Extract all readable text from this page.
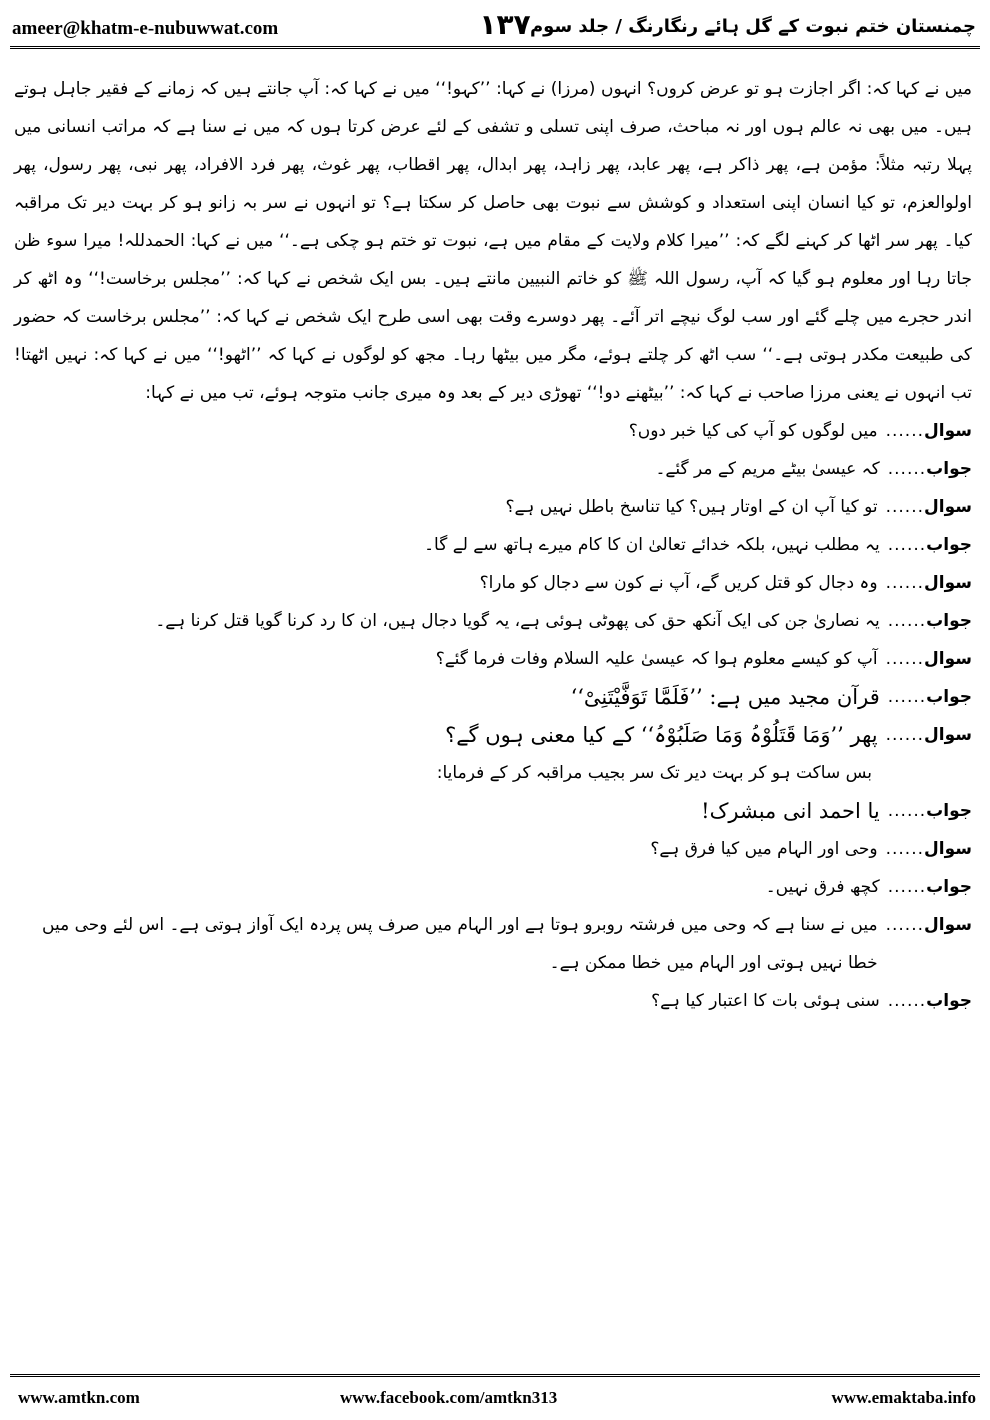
ameer@khatm-e-nubuwwat.com	۱۳۷ چمنستان ختم نبوت کے گل ہائے رنگارنگ / جلد سوم

میں نے کہا کہ: اگر اجازت ہو تو عرض کروں؟ انہوں (مرزا) نے کہا: ’’کہو!‘‘ میں نے کہا کہ: آپ جانتے ہیں کہ زمانے کے فقیر جاہل ہوتے ہیں۔ میں بھی نہ عالم ہوں اور نہ مباحث، صرف اپنی تسلی و تشفی کے لئے عرض کرتا ہوں کہ میں نے سنا ہے کہ مراتب انسانی میں پہلا رتبہ مثلاً: مؤمن ہے، پھر ذاکر ہے، پھر عابد، پھر زاہد، پھر ابدال، پھر اقطاب، پھر غوث، پھر فرد الافراد، پھر نبی، پھر رسول، پھر اولوالعزم، تو کیا انسان اپنی استعداد و کوشش سے نبوت بھی حاصل کر سکتا ہے؟ تو انہوں نے سر بہ زانو ہو کر بہت دیر تک مراقبہ کیا۔ پھر سر اٹھا کر کہنے لگے کہ: ’’میرا کلام ولایت کے مقام میں ہے، نبوت تو ختم ہو چکی ہے۔‘‘ میں نے کہا: الحمدللہ! میرا سوء ظن جاتا رہا اور معلوم ہو گیا کہ آپ، رسول اللہ ﷺ کو خاتم النبیین مانتے ہیں۔ بس ایک شخص نے کہا کہ: ’’مجلس برخاست!‘‘ وہ اٹھ کر اندر حجرے میں چلے گئے اور سب لوگ نیچے اتر آئے۔ پھر دوسرے وقت بھی اسی طرح ایک شخص نے کہا کہ: ’’مجلس برخاست کہ حضور کی طبیعت مکدر ہوتی ہے۔‘‘ سب اٹھ کر چلتے ہوئے، مگر میں بیٹھا رہا۔ مجھ کو لوگوں نے کہا کہ ’’اٹھو!‘‘ میں نے کہا کہ: نہیں اٹھتا! تب انہوں نے یعنی مرزا صاحب نے کہا کہ: ’’بیٹھنے دو!‘‘ تھوڑی دیر کے بعد وہ میری جانب متوجہ ہوئے، تب میں نے کہا:

سوال
......
میں لوگوں کو آپ کی کیا خبر دوں؟
جواب
......
کہ عیسیٰ بیٹے مریم کے مر گئے۔
سوال
......
تو کیا آپ ان کے اوتار ہیں؟ کیا تناسخ باطل نہیں ہے؟
جواب
......
یہ مطلب نہیں، بلکہ خدائے تعالیٰ ان کا کام میرے ہاتھ سے لے گا۔
سوال
......
وہ دجال کو قتل کریں گے، آپ نے کون سے دجال کو مارا؟
جواب
......
یہ نصاریٰ جن کی ایک آنکھ حق کی پھوٹی ہوئی ہے، یہ گویا دجال ہیں، ان کا رد کرنا گویا قتل کرنا ہے۔
سوال
......
آپ کو کیسے معلوم ہوا کہ عیسیٰ علیہ السلام وفات فرما گئے؟
جواب
......
قرآن مجید میں ہے: ’’فَلَمَّا تَوَفَّیْتَنِیْ‘‘
سوال
......
پھر ’’وَمَا قَتَلُوْہُ وَمَا صَلَبُوْہُ‘‘ کے کیا معنی ہوں گے؟

بس ساکت ہو کر بہت دیر تک سر بجیب مراقبہ کر کے فرمایا:

جواب
......
یا احمد انی مبشرک!
سوال
......
وحی اور الہام میں کیا فرق ہے؟
جواب
......
کچھ فرق نہیں۔
سوال
......
میں نے سنا ہے کہ وحی میں فرشتہ روبرو ہوتا ہے اور الہام میں صرف پس پردہ ایک آواز ہوتی ہے۔ اس لئے وحی میں خطا نہیں ہوتی اور الہام میں خطا ممکن ہے۔
جواب
......
سنی ہوئی بات کا اعتبار کیا ہے؟
www.amtkn.com	www.facebook.com/amtkn313	www.emaktaba.info
